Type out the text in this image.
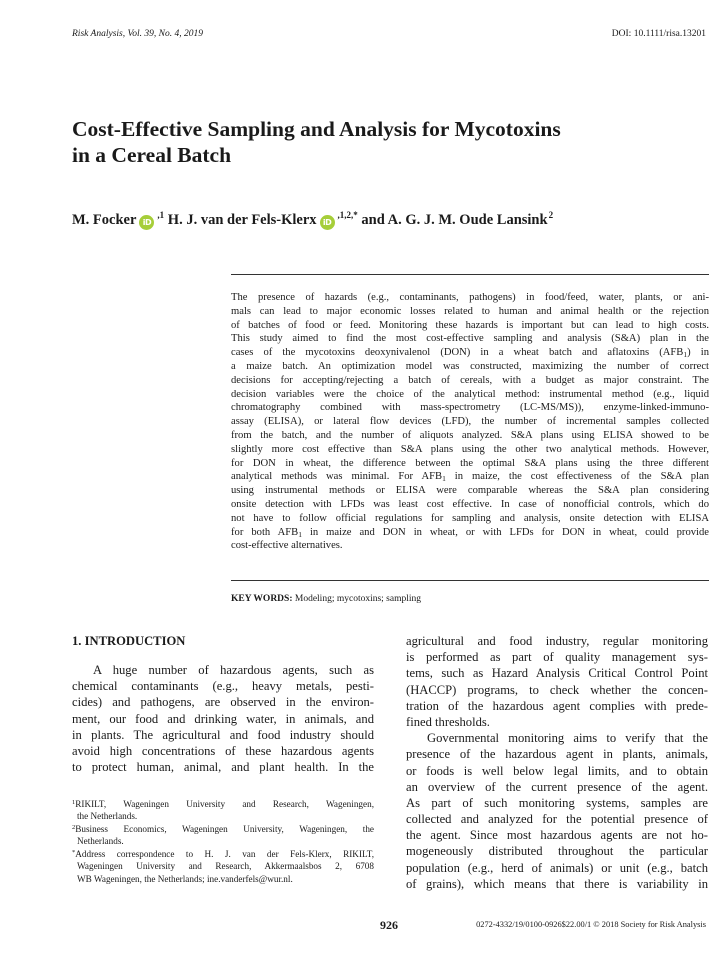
Risk Analysis, Vol. 39, No. 4, 2019	DOI: 10.1111/risa.13201
Cost-Effective Sampling and Analysis for Mycotoxins
in a Cereal Batch
M. Focker $iD^{,1}$ H. J. van der Fels-Klerx $iD^{,1,2,*}$ and A. G. J. M. Oude Lansink$^2$
The presence of hazards (e.g., contaminants, pathogens) in food/feed, water, plants, or ani-
mals can lead to major economic losses related to human and animal health or the rejection
of batches of food or feed. Monitoring these hazards is important but can lead to high costs.
This study aimed to find the most cost-effective sampling and analysis (S&A) plan in the
cases of the mycotoxins deoxynivalenol (DON) in a wheat batch and aflatoxins $(AFB_1)$ in
a maize batch. An optimization model was constructed, maximizing the number of correct
decisions for accepting/rejecting a batch of cereals, with a budget as major constraint. The
decision variables were the choice of the analytical method: instrumental method (e.g., liquid
chromatography combined with mass-spectrometry (LC-MS/MS)), enzyme-linked-immuno-
assay (ELISA), or lateral flow devices (LFD), the number of incremental samples collected
from the batch, and the number of aliquots analyzed. S&A plans using ELISA showed to be
slightly more cost effective than S&A plans using the other two analytical methods. However,
for DON in wheat, the difference between the optimal S&A plans using the three different
analytical methods was minimal. For $AFB_1$ in maize, the cost effectiveness of the S&A plan
using instrumental methods or ELISA were comparable whereas the S&A plan considering
onsite detection with LFDs was least cost effective. In case of nonofficial controls, which do
not have to follow official regulations for sampling and analysis, onsite detection with ELISA
for both $AFB_1$ in maize and DON in wheat, or with LFDs for DON in wheat, could provide
cost-effective alternatives.
KEY WORDS: Modeling; mycotoxins; sampling
1. INTRODUCTION
A huge number of hazardous agents, such as
chemical contaminants (e.g., heavy metals, pesti-
cides) and pathogens, are observed in the environ-
ment, our food and drinking water, in animals, and
in plants. The agricultural and food industry should
avoid high concentrations of these hazardous agents
to protect human, animal, and plant health. In the
$^1$RIKILT, Wageningen University and Research, Wageningen,
the Netherlands.
$^2$Business Economics, Wageningen University, Wageningen, the
Netherlands.
*Address correspondence to H. J. van der Fels-Klerx, RIKILT,
Wageningen University and Research, Akkermaalsbos 2, 6708
WB Wageningen, the Netherlands; ine.vanderfels@wur.nl.
agricultural and food industry, regular monitoring
is performed as part of quality management sys-
tems, such as Hazard Analysis Critical Control Point
(HACCP) programs, to check whether the concen-
tration of the hazardous agent complies with prede-
fined thresholds.
Governmental monitoring aims to verify that the
presence of the hazardous agent in plants, animals,
or foods is well below legal limits, and to obtain
an overview of the current presence of the agent.
As part of such monitoring systems, samples are
collected and analyzed for the potential presence of
the agent. Since most hazardous agents are not ho-
mogeneously distributed throughout the particular
population (e.g., herd of animals) or unit (e.g., batch
of grains), which means that there is variability in
926	0272-4332/19/0100-0926$22.00/1 © 2018 Society for Risk Analysis
